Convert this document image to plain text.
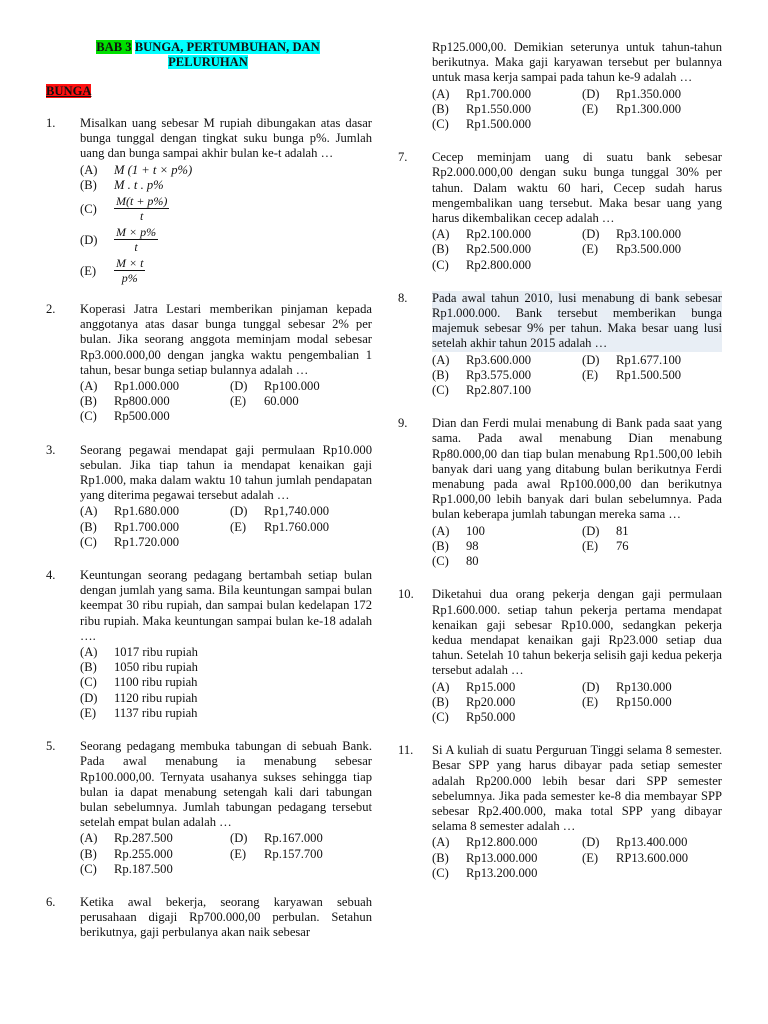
BAB 3 BUNGA, PERTUMBUHAN, DAN
PELURUHAN
BUNGA
1. Misalkan uang sebesar M rupiah dibungakan atas dasar bunga tunggal dengan tingkat suku bunga p%. Jumlah uang dan bunga sampai akhir bulan ke-t adalah …
(A)	M (1 + t × p%)
(B)	M . t . p%
(C)	$\frac{M(t + p\%)}{t}$
(D)	$\frac{M \times p\%}{t}$
(E)	$\frac{M \times t}{p\%}$
2. Koperasi Jatra Lestari memberikan pinjaman kepada anggotanya atas dasar bunga tunggal sebesar 2% per bulan. Jika seorang anggota meminjam modal sebesar Rp3.000.000,00 dengan jangka waktu pengembalian 1 tahun, besar bunga setiap bulannya adalah …
(A)	Rp1.000.000	(D)	Rp100.000
(B)	Rp800.000	(E)	60.000
(C)	Rp500.000
3. Seorang pegawai mendapat gaji permulaan Rp10.000 sebulan. Jika tiap tahun ia mendapat kenaikan gaji Rp1.000, maka dalam waktu 10 tahun jumlah pendapatan yang diterima pegawai tersebut adalah …
(A)	Rp1.680.000	(D)	Rp1,740.000
(B)	Rp1.700.000	(E)	Rp1.760.000
(C)	Rp1.720.000
4. Keuntungan seorang pedagang bertambah setiap bulan dengan jumlah yang sama. Bila keuntungan sampai bulan keempat 30 ribu rupiah, dan sampai bulan kedelapan 172 ribu rupiah. Maka keuntungan sampai bulan ke-18 adalah ….
(A)	1017 ribu rupiah
(B)	1050 ribu rupiah
(C)	1100 ribu rupiah
(D)	1120 ribu rupiah
(E)	1137 ribu rupiah
5. Seorang pedagang membuka tabungan di sebuah Bank. Pada awal menabung ia menabung sebesar Rp100.000,00. Ternyata usahanya sukses sehingga tiap bulan ia dapat menabung setengah kali dari tabungan bulan sebelumnya. Jumlah tabungan pedagang tersebut setelah empat bulan adalah …
(A)	Rp.287.500	(D)	Rp.167.000
(B)	Rp.255.000	(E)	Rp.157.700
(C)	Rp.187.500
6. Ketika awal bekerja, seorang karyawan sebuah perusahaan digaji Rp700.000,00 perbulan. Setahun berikutnya, gaji perbulanya akan naik sebesar
Rp125.000,00. Demikian seterunya untuk tahun-tahun berikutnya. Maka gaji karyawan tersebut per bulannya untuk masa kerja sampai pada tahun ke-9 adalah …
(A)	Rp1.700.000	(D)	Rp1.350.000
(B)	Rp1.550.000	(E)	Rp1.300.000
(C)	Rp1.500.000
7. Cecep meminjam uang di suatu bank sebesar Rp2.000.000,00 dengan suku bunga tunggal 30% per tahun. Dalam waktu 60 hari, Cecep sudah harus mengembalikan uang tersebut. Maka besar uang yang harus dikembalikan cecep adalah …
(A)	Rp2.100.000	(D)	Rp3.100.000
(B)	Rp2.500.000	(E)	Rp3.500.000
(C)	Rp2.800.000
8. Pada awal tahun 2010, lusi menabung di bank sebesar Rp1.000.000. Bank tersebut memberikan bunga majemuk sebesar 9% per tahun. Maka besar uang lusi setelah akhir tahun 2015 adalah …
(A)	Rp3.600.000	(D)	Rp1.677.100
(B)	Rp3.575.000	(E)	Rp1.500.500
(C)	Rp2.807.100
9. Dian dan Ferdi mulai menabung di Bank pada saat yang sama. Pada awal menabung Dian menabung Rp80.000,00 dan tiap bulan menabung Rp1.500,00 lebih banyak dari uang yang ditabung bulan berikutnya Ferdi menabung pada awal Rp100.000,00 dan berikutnya Rp1.000,00 lebih banyak dari bulan sebelumnya. Pada bulan keberapa jumlah tabungan mereka sama …
(A)	100	(D)	81
(B)	98	(E)	76
(C)	80
10. Diketahui dua orang pekerja dengan gaji permulaan Rp1.600.000. setiap tahun pekerja pertama mendapat kenaikan gaji sebesar Rp10.000, sedangkan pekerja kedua mendapat kenaikan gaji Rp23.000 setiap dua tahun. Setelah 10 tahun bekerja selisih gaji kedua pekerja tersebut adalah …
(A)	Rp15.000	(D)	Rp130.000
(B)	Rp20.000	(E)	Rp150.000
(C)	Rp50.000
11. Si A kuliah di suatu Perguruan Tinggi selama 8 semester. Besar SPP yang harus dibayar pada setiap semester adalah Rp200.000 lebih besar dari SPP semester sebelumnya. Jika pada semester ke-8 dia membayar SPP sebesar Rp2.400.000, maka total SPP yang dibayar selama 8 semester adalah …
(A)	Rp12.800.000	(D)	Rp13.400.000
(B)	Rp13.000.000	(E)	RP13.600.000
(C)	Rp13.200.000
